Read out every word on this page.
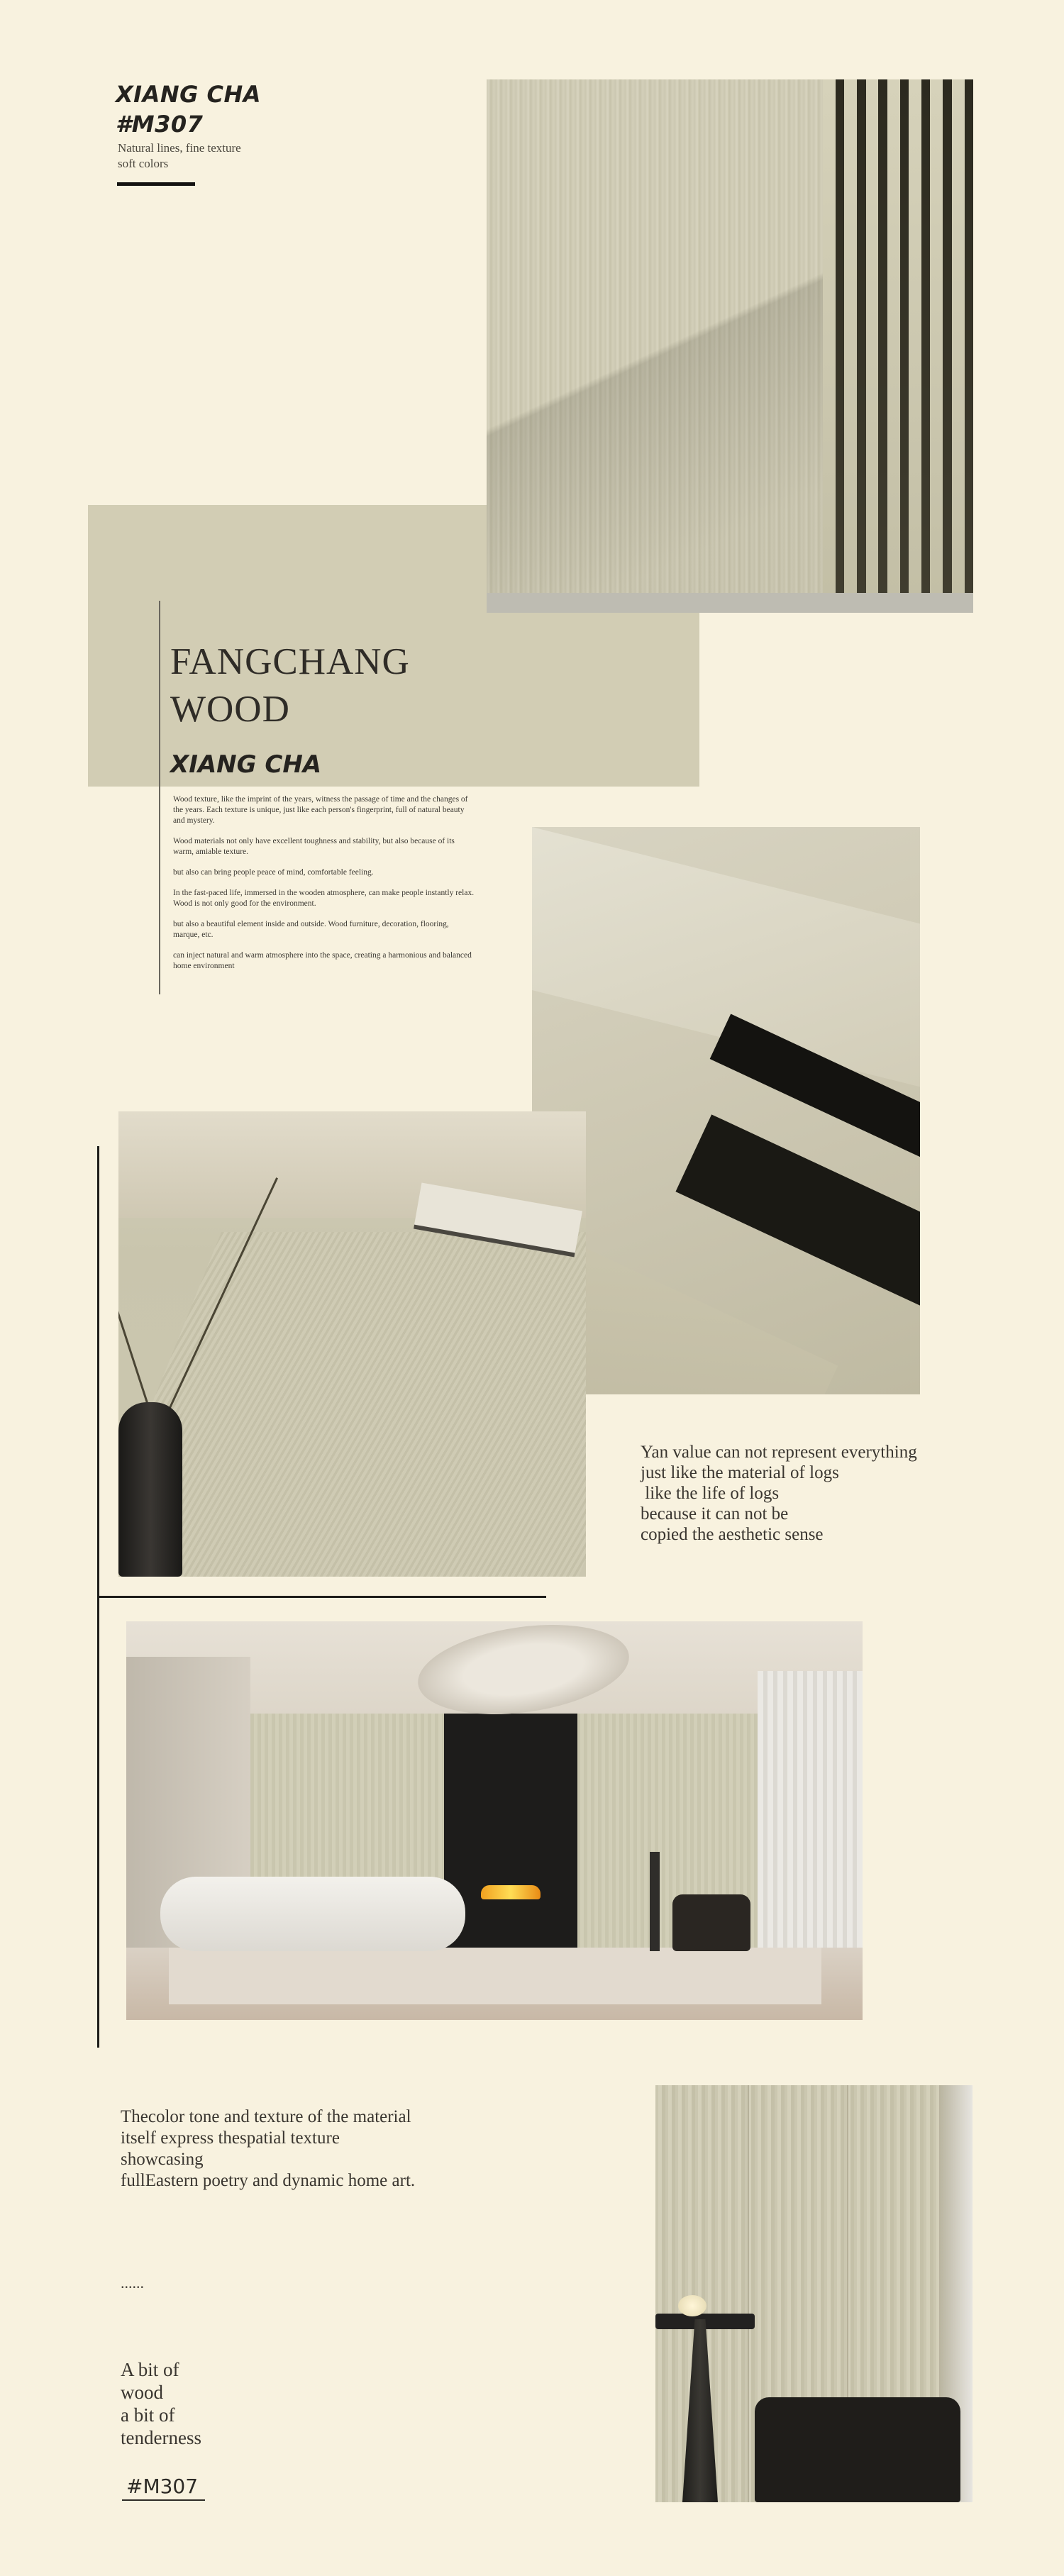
XIANG CHA
#M307
Natural lines, fine texture
soft colors
FANGCHANG
WOOD
XIANG CHA

Wood texture, like the imprint of the years, witness the passage of time and the changes of the years. Each texture is unique, just like each person's fingerprint, full of natural beauty and mystery.

Wood materials not only have excellent toughness and stability, but also because of its warm, amiable texture.

but also can bring people peace of mind, comfortable feeling.

In the fast-paced life, immersed in the wooden atmosphere, can make people instantly relax. Wood is not only good for the environment.

but also a beautiful element inside and outside. Wood furniture, decoration, flooring, marque, etc.

can inject natural and warm atmosphere into the space, creating a harmonious and balanced home environment

Yan value can not represent everything
just like the material of logs
like the life of logs
because it can not be
copied the aesthetic sense
Thecolor tone and texture of the material
itself express thespatial texture
showcasing
fullEastern poetry and dynamic home art.
......
A bit of
wood
a bit of
tenderness
#M307
